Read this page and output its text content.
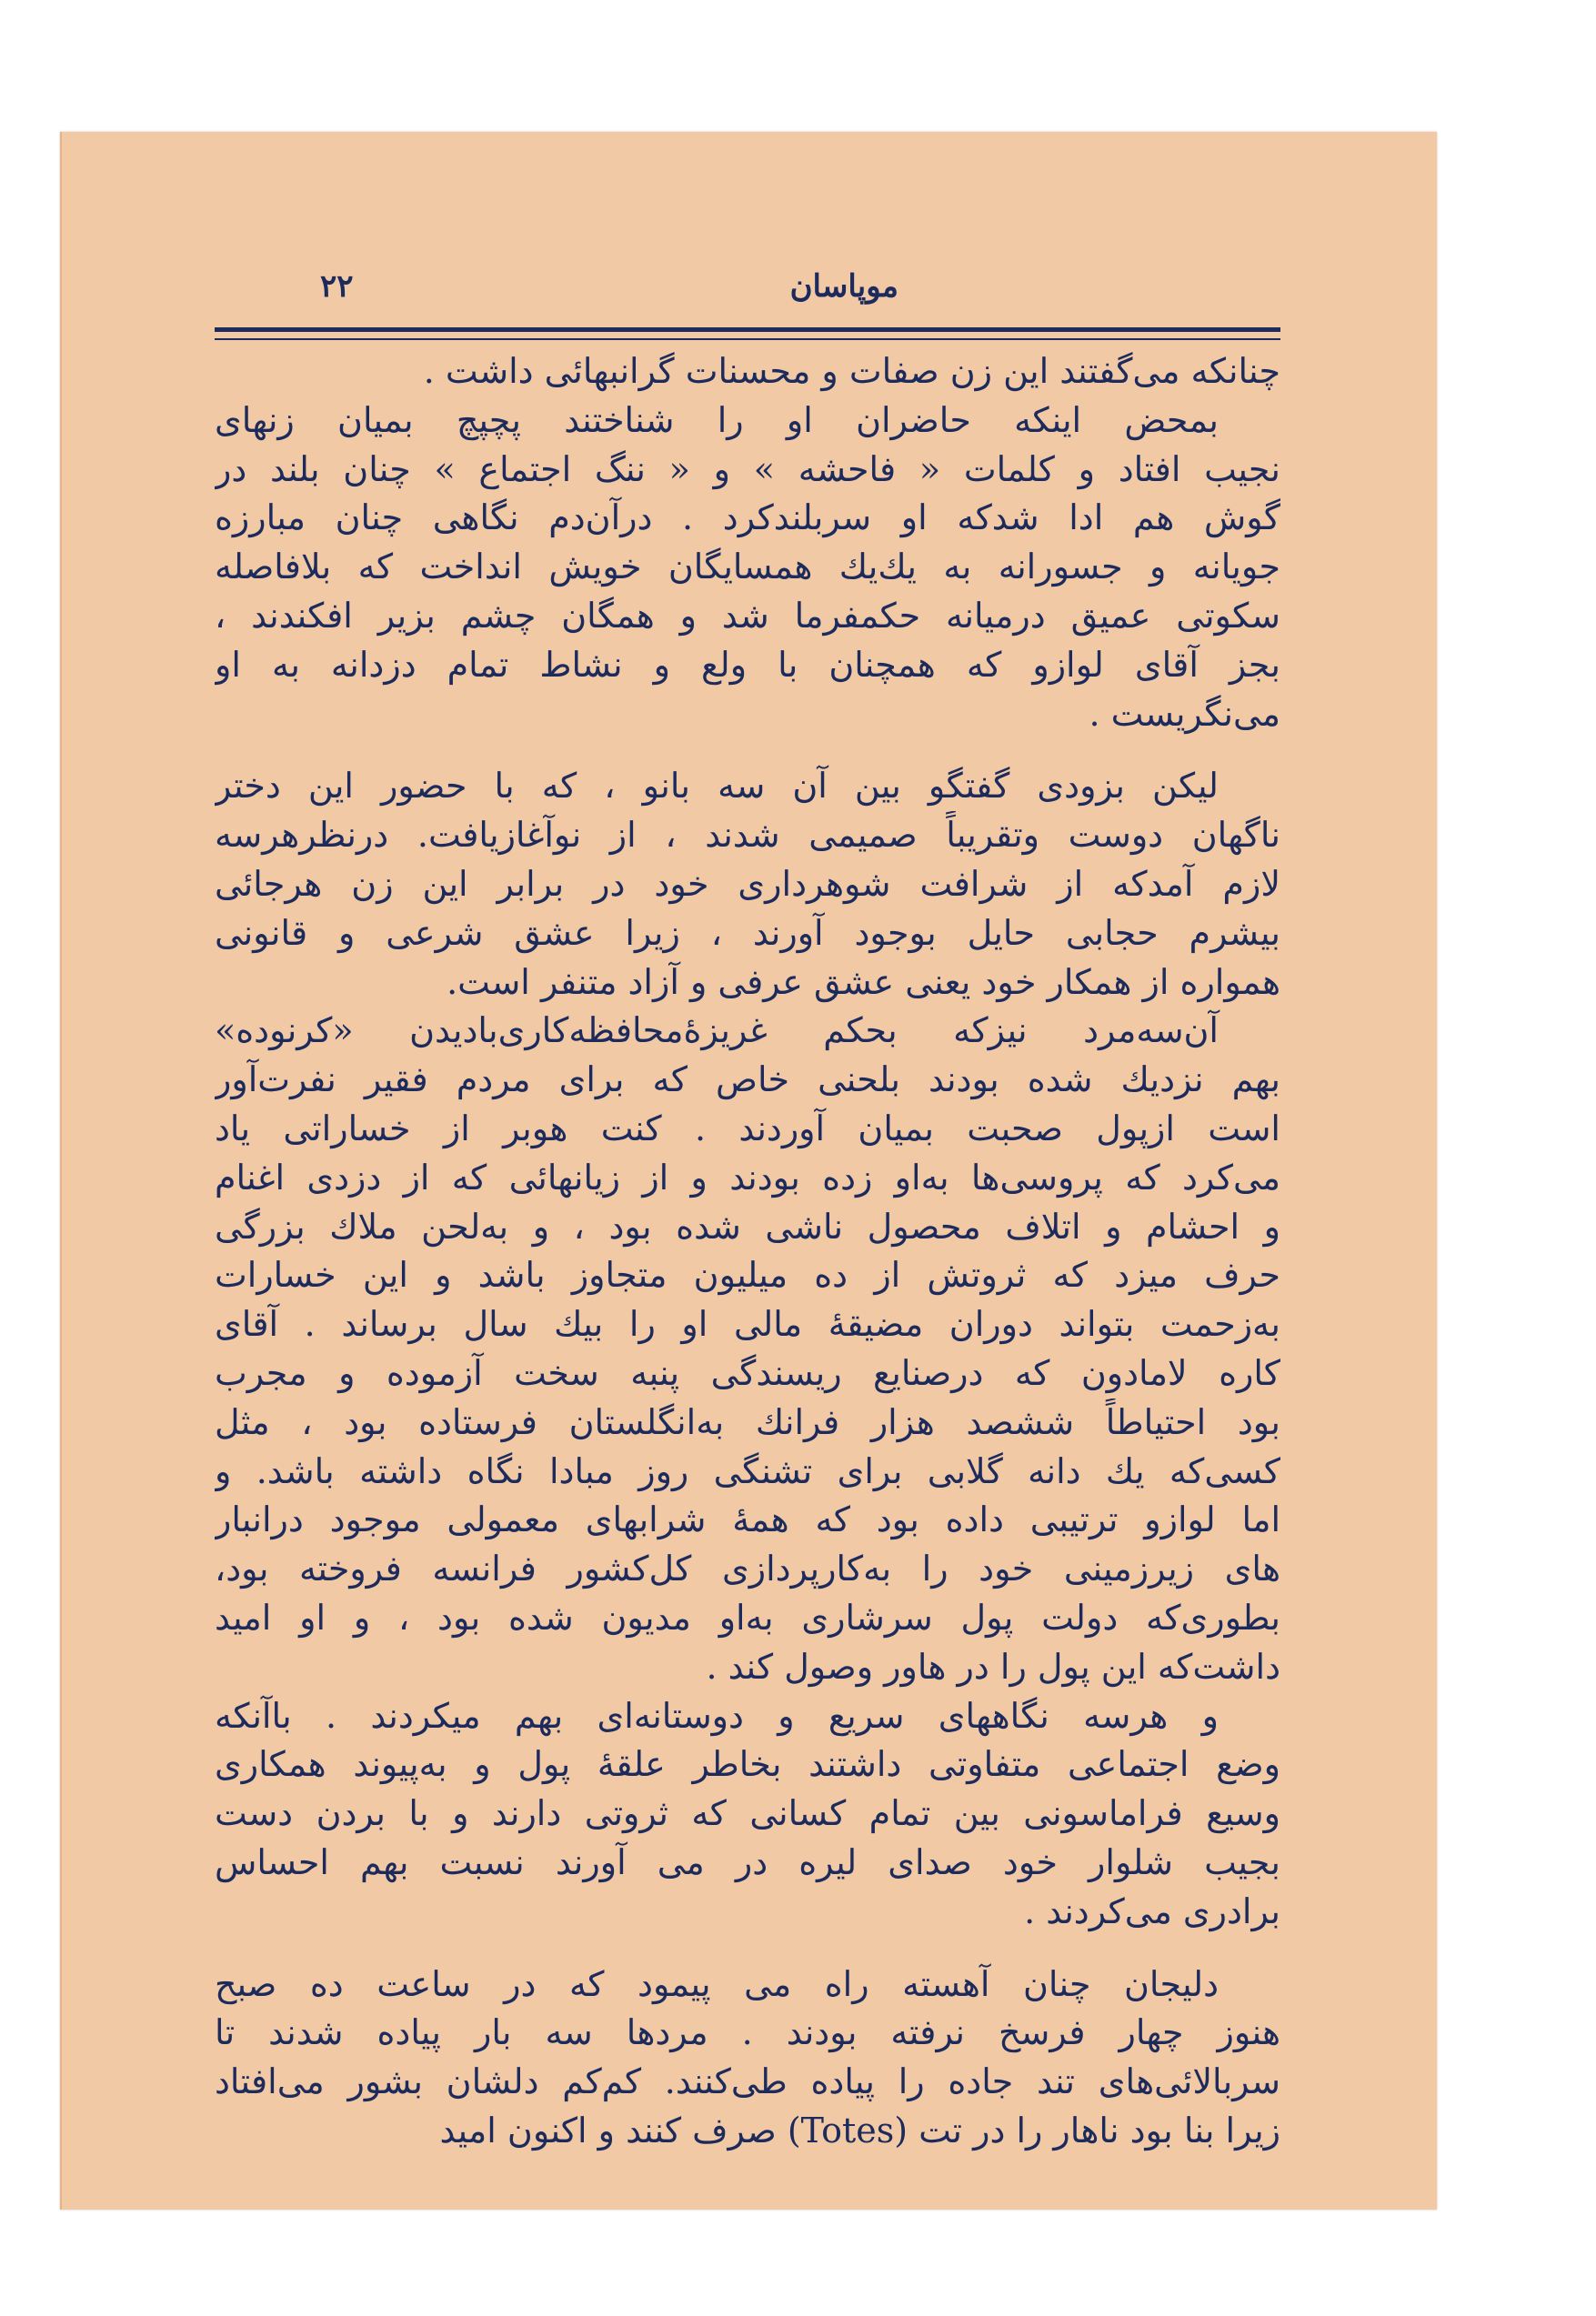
۲۲	موپاسان
چنانکه می‌گفتند این زن صفات و محسنات گرانبهائی داشت .
بمحض اینکه حاضران او را شناختند پچپچ بمیان زنهای
نجیب افتاد و کلمات « فاحشه » و « ننگ اجتماع » چنان بلند در
گوش هم ادا شدکه او سربلندکرد . درآن‌دم نگاهی چنان مبارزه
جویانه و جسورانه به یك‌یك همسایگان خویش انداخت که بلافاصله
سکوتی عمیق درمیانه حکمفرما شد و همگان چشم بزیر افکندند ،
بجز آقای لوازو که همچنان با ولع و نشاط تمام دزدانه به او
می‌نگریست .
لیکن بزودی گفتگو بین آن سه بانو ، که با حضور این دختر
ناگهان دوست وتقریباً صمیمی شدند ، از نوآغازیافت. درنظرهرسه
لازم آمدکه از شرافت شوهرداری خود در برابر این زن هرجائی
بیشرم حجابی حایل بوجود آورند ، زیرا عشق شرعی و قانونی
همواره از همکار خود یعنی عشق عرفی و آزاد متنفر است.
آن‌سه‌مرد نیزکه بحکم غریزهٔ‌محافظه‌کاری‌بادیدن «کرنوده»
بهم نزدیك شده بودند بلحنی خاص که برای مردم فقیر نفرت‌آور
است ازپول صحبت بمیان آوردند . کنت هوبر از خساراتی یاد
می‌کرد که پروسی‌ها به‌او زده بودند و از زیانهائی که از دزدی اغنام
و احشام و اتلاف محصول ناشی شده بود ، و به‌لحن ملاك بزرگی
حرف میزد که ثروتش از ده میلیون متجاوز باشد و این خسارات
به‌زحمت بتواند دوران مضیقهٔ مالی او را بیك سال برساند . آقای
کاره لامادون که درصنایع ریسندگی پنبه سخت آزموده و مجرب
بود احتیاطاً ششصد هزار فرانك به‌انگلستان فرستاده بود ، مثل
کسی‌که یك دانه گلابی برای تشنگی روز مبادا نگاه داشته باشد. و
اما لوازو ترتیبی داده بود که همهٔ شرابهای معمولی موجود درانبار
های زیرزمینی خود را به‌کارپردازی کل‌کشور فرانسه فروخته بود،
بطوری‌که دولت پول سرشاری به‌او مدیون شده بود ، و او امید
داشت‌که این پول را در هاور وصول کند .
و هرسه نگاههای سریع و دوستانه‌ای بهم میکردند . باآنکه
وضع اجتماعی متفاوتی داشتند بخاطر علقهٔ پول و به‌پیوند همکاری
وسیع فراماسونی بین تمام کسانی که ثروتی دارند و با بردن دست
بجیب شلوار خود صدای لیره در می آورند نسبت بهم احساس
برادری می‌کردند .
دلیجان چنان آهسته راه می پیمود که در ساعت ده صبح
هنوز چهار فرسخ نرفته بودند . مردها سه بار پیاده شدند تا
سربالائی‌های تند جاده را پیاده طی‌کنند. کم‌کم دلشان بشور می‌افتاد
زیرا بنا بود ناهار را در تت (Totes) صرف کنند و اکنون امید
